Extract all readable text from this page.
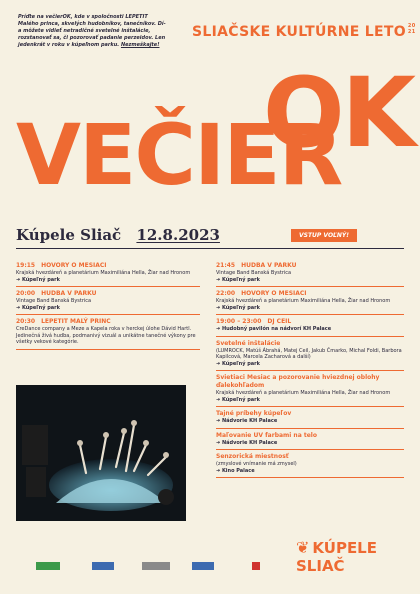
Príďte na večierOK, kde v spoločnosti LEPETIT Malého princa, skvelých hudobníkov, tanečníkov. Dí-a môžete vidieť netradičné svetelné inštalácie, rozstanovať sa, či pozorovať padanie perzeidov. Len jedenkrát v roku v kúpeľnom parku. Nezmeškajte!
SLIAČSKE KULTÚRNE LETO 20
21
OK
VEČIER
Kúpele Sliač 12.8.2023	VSTUP VOĽNÝ!
19:15 HOVORY O MESIACI
Krajská hvezdáreň a planetárium Maximiliána Hella, Žiar nad Hronom
➜ Kúpeľný park
20:00 HUDBA V PARKU
Vintage Band Banská Bystrica
➜ Kúpeľný park
20:30 LEPETIT MALÝ PRINC
CreDance company a Meze a Kapela roka v herckej úlohe Dávid Hartl. Jedinečná živá hudba, podmanivý vizuál a unikátne tanečné výkony pre všetky vekové kategórie.
21:45 HUDBA V PARKU
Vintage Band Banská Bystrica
➜ Kúpeľný park
22:00 HOVORY O MESIACI
Krajská hvezdáreň a planetárium Maximiliána Hella, Žiar nad Hronom
➜ Kúpeľný park
19:00 – 23:00 DJ CEIL
➜ Hudobný pavilón na nádvorí KH Palace
Svetelné inštalácie
(LUMROCK, Matúš Ábrahá, Matej Ceil, Jakub Čmarko, Michal Foldi, Barbora Kapilcová, Marcela Zacharová a další)
➜ Kúpeľný park
Svietiaci Mesiac a pozorovanie hviezdnej oblohy ďalekohľadom
Krajská hvezdáreň a planetárium Maximiliána Hella, Žiar nad Hronom
➜ Kúpeľný park
Tajné príbehy kúpeľov
➜ Nádvorie KH Palace
Maľovanie UV farbami na telo
➜ Nádvorie KH Palace
Senzorická miestnosť
(zmyslové vnímanie má zmysel)
➜ Kino Palace
❦ KÚPELE SLIAČ
